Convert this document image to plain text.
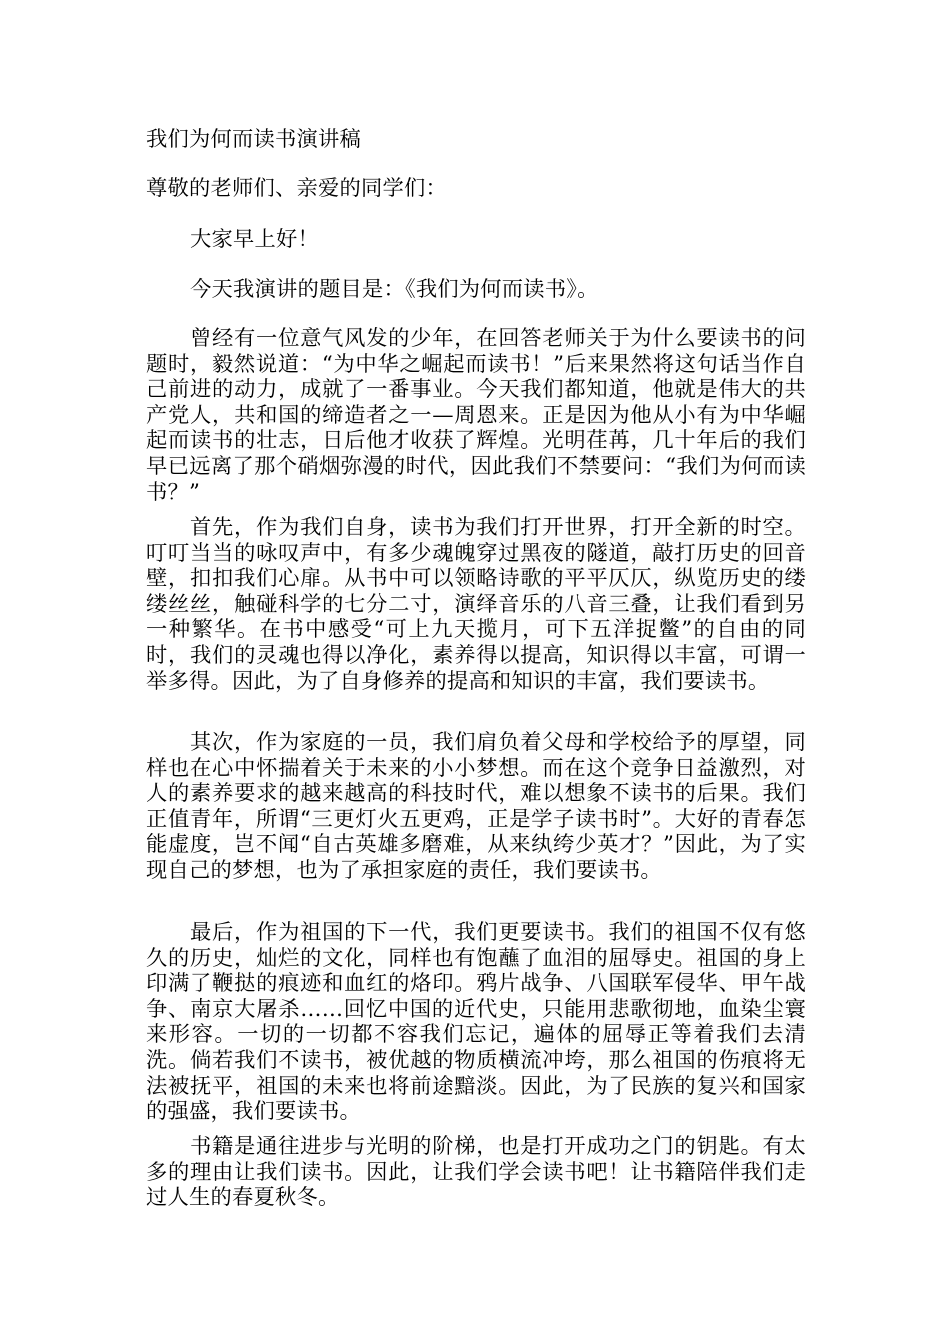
我们为何而读书演讲稿
尊敬的老师们、亲爱的同学们：
大家早上好！
今天我演讲的题目是：《我们为何而读书》。
曾经有一位意气风发的少年，在回答老师关于为什么要读书的问题时，毅然说道：“为中华之崛起而读书！”后来果然将这句话当作自己前进的动力，成就了一番事业。今天我们都知道，他就是伟大的共产党人，共和国的缔造者之一—周恩来。正是因为他从小有为中华崛起而读书的壮志，日后他才收获了辉煌。光明荏苒，几十年后的我们早已远离了那个硝烟弥漫的时代，因此我们不禁要问：“我们为何而读书？”
首先，作为我们自身，读书为我们打开世界，打开全新的时空。叮叮当当的咏叹声中，有多少魂魄穿过黑夜的隧道，敲打历史的回音壁，扣扣我们心扉。从书中可以领略诗歌的平平仄仄，纵览历史的缕缕丝丝，触碰科学的七分二寸，演绎音乐的八音三叠，让我们看到另一种繁华。在书中感受“可上九天揽月，可下五洋捉鳖”的自由的同时，我们的灵魂也得以净化，素养得以提高，知识得以丰富，可谓一举多得。因此，为了自身修养的提高和知识的丰富，我们要读书。
其次，作为家庭的一员，我们肩负着父母和学校给予的厚望，同样也在心中怀揣着关于未来的小小梦想。而在这个竞争日益激烈，对人的素养要求的越来越高的科技时代，难以想象不读书的后果。我们正值青年，所谓“三更灯火五更鸡，正是学子读书时”。大好的青春怎能虚度，岂不闻“自古英雄多磨难，从来纨绔少英才？”因此，为了实现自己的梦想，也为了承担家庭的责任，我们要读书。
最后，作为祖国的下一代，我们更要读书。我们的祖国不仅有悠久的历史，灿烂的文化，同样也有饱蘸了血泪的屈辱史。祖国的身上印满了鞭挞的痕迹和血红的烙印。鸦片战争、八国联军侵华、甲午战争、南京大屠杀……回忆中国的近代史，只能用悲歌彻地，血染尘寰来形容。一切的一切都不容我们忘记，遍体的屈辱正等着我们去清洗。倘若我们不读书，被优越的物质横流冲垮，那么祖国的伤痕将无法被抚平，祖国的未来也将前途黯淡。因此，为了民族的复兴和国家的强盛，我们要读书。
书籍是通往进步与光明的阶梯，也是打开成功之门的钥匙。有太多的理由让我们读书。因此，让我们学会读书吧！让书籍陪伴我们走过人生的春夏秋冬。
